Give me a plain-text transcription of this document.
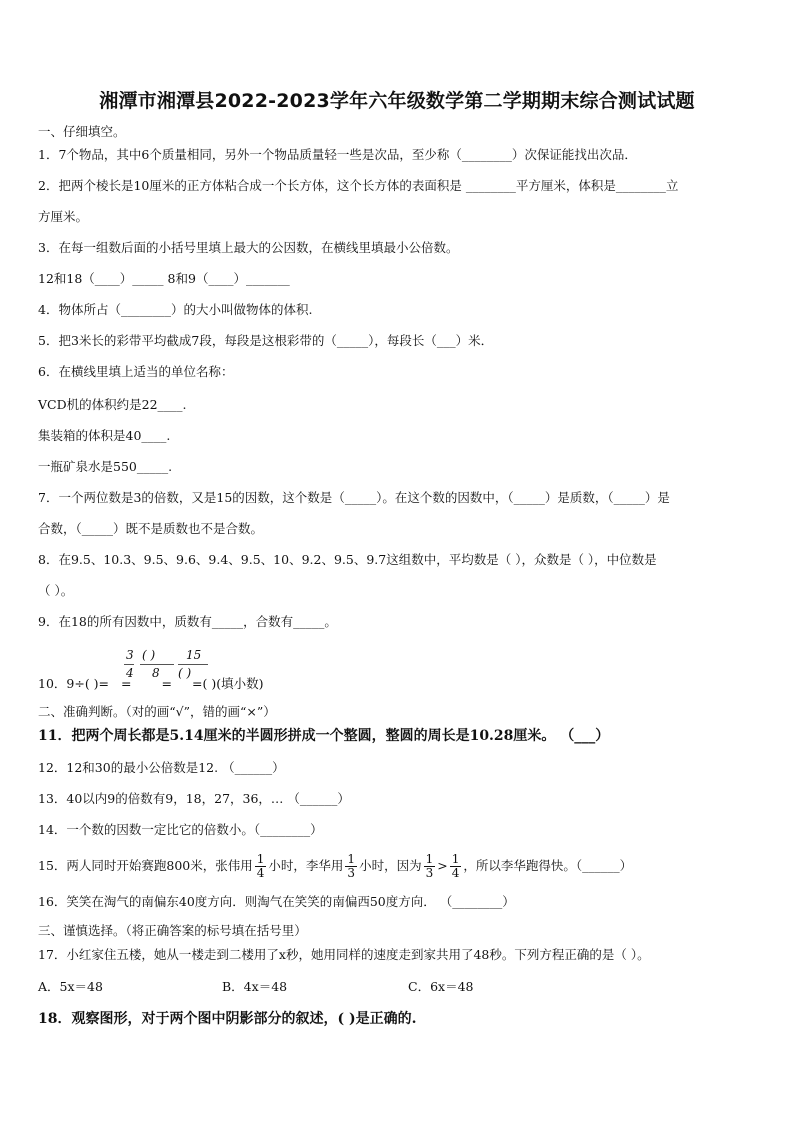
湘潭市湘潭县2022-2023学年六年级数学第二学期期末综合测试试题
一、仔细填空。
1．7个物品，其中6个质量相同，另外一个物品质量轻一些是次品，至少称（________）次保证能找出次品．
2．把两个棱长是10厘米的正方体粘合成一个长方体，这个长方体的表面积是 ________平方厘米，体积是________立
方厘米。
3．在每一组数后面的小括号里填上最大的公因数，在横线里填最小公倍数。
12和18（____）_____ 8和9（____）_______
4．物体所占（________）的大小叫做物体的体积.
5．把3米长的彩带平均截成7段，每段是这根彩带的（_____），每段长（___）米．
6．在横线里填上适当的单位名称：
VCD机的体积约是22____.
集装箱的体积是40____.
一瓶矿泉水是550_____.
7．一个两位数是3的倍数，又是15的因数，这个数是（_____）。在这个数的因数中，（_____）是质数，（_____）是
合数，（_____）既不是质数也不是合数。
8．在9.5、10.3、9.5、9.6、9.4、9.5、10、9.2、9.5、9.7这组数中，平均数是（ ），众数是（ ），中位数是
（ ）。
9．在18的所有因数中，质数有_____，合数有_____。
3
4
( )
8
15
( )
10．9÷( )= = = =( )(填小数)
二、准确判断。（对的画“√”，错的画“×”）
11．把两个周长都是5.14厘米的半圆形拼成一个整圆，整圆的周长是10.28厘米。 （___）
12．12和30的最小公倍数是12. （______）
13．40以内9的倍数有9，18，27，36，… （______）
14．一个数的因数一定比它的倍数小。（________）
15．两人同时开始赛跑800米，张伟用 $\frac{1}{4}$ 小时，李华用 $\frac{1}{3}$ 小时，因为 $\frac{1}{3} > \frac{1}{4}$ ，所以李华跑得快。（______）
16．笑笑在淘气的南偏东40度方向．则淘气在笑笑的南偏西50度方向． （________）
三、谨慎选择。（将正确答案的标号填在括号里）
17．小红家住五楼，她从一楼走到二楼用了x秒，她用同样的速度走到家共用了48秒。下列方程正确的是（ ）。
A．5x＝48	B．4x＝48	C．6x＝48
18．观察图形，对于两个图中阴影部分的叙述，( )是正确的.
